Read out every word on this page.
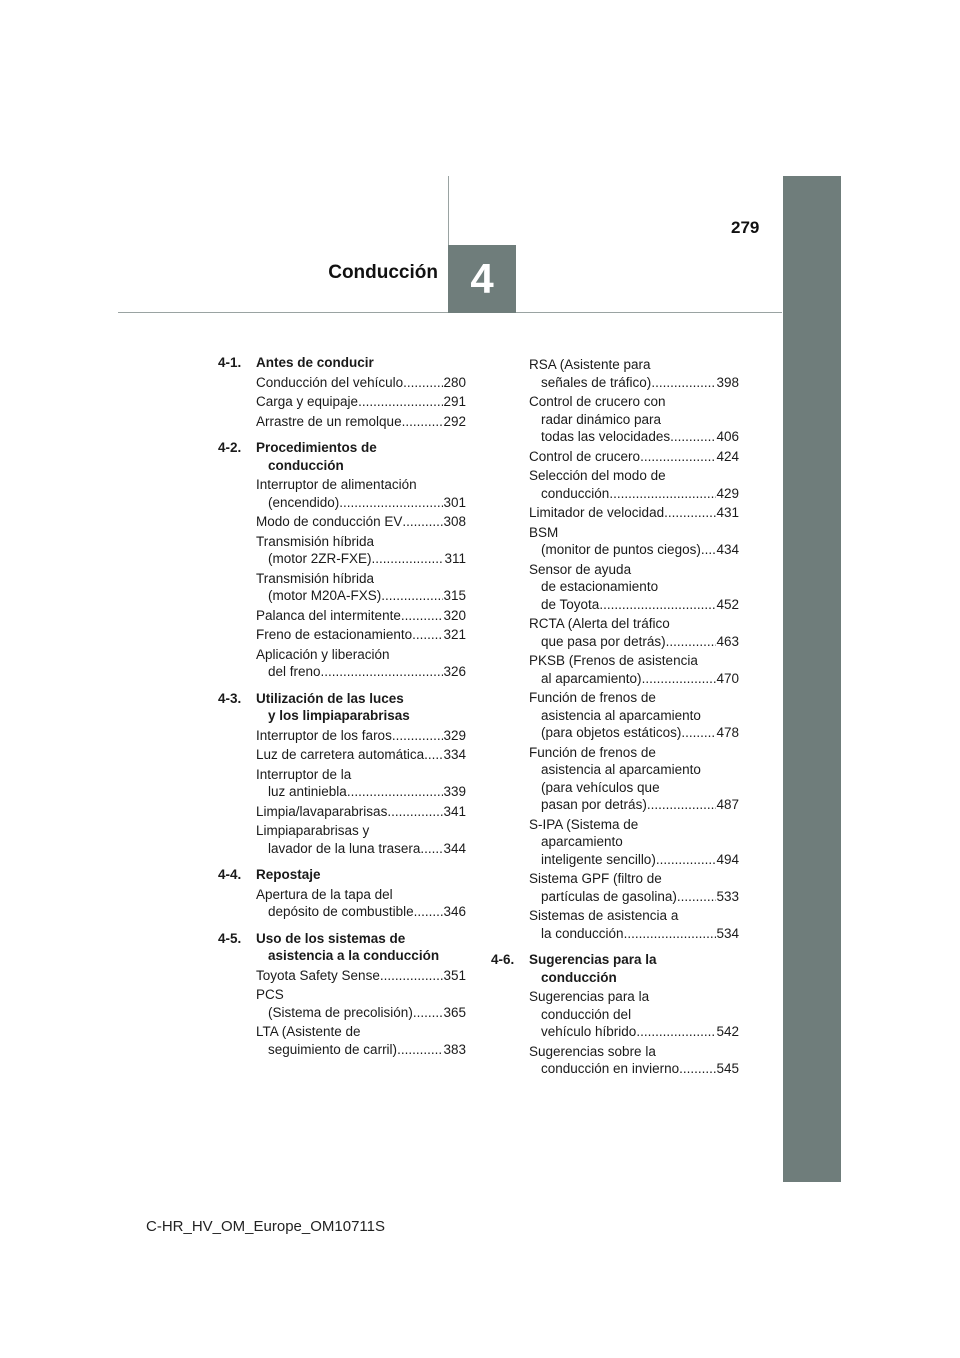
279
Conducción 4
4-1.	Antes de conducir
Conducción del vehículo .....	280
Carga y equipaje .....	291
Arrastre de un remolque .....	292
4-2.	Procedimientos de
conducción
Interruptor de alimentación
(encendido) .....	301
Modo de conducción EV .....	308
Transmisión híbrida
(motor 2ZR-FXE) .....	311
Transmisión híbrida
(motor M20A-FXS) .....	315
Palanca del intermitente .....	320
Freno de estacionamiento ..... 321
Aplicación y liberación
del freno .....	326
4-3.	Utilización de las luces
y los limpiaparabrisas
Interruptor de los faros .....	329
Luz de carretera automática ..... 334
Interruptor de la
luz antiniebla .....	339
Limpia/lavaparabrisas .....	341
Limpiaparabrisas y
lavador de la luna trasera ..... 344
4-4.	Repostaje
Apertura de la tapa del
depósito de combustible ..... 346
4-5.	Uso de los sistemas de
asistencia a la conducción
Toyota Safety Sense .....	351
PCS
(Sistema de precolisión) ..... 365
LTA (Asistente de
seguimiento de carril) .....	383
RSA (Asistente para
señales de tráfico) .....	398
Control de crucero con
radar dinámico para
todas las velocidades .....	406
Control de crucero .....	424
Selección del modo de
conducción .....	429
Limitador de velocidad .....	431
BSM
(monitor de puntos ciegos) ..... 434
Sensor de ayuda
de estacionamiento
de Toyota .....	452
RCTA (Alerta del tráfico
que pasa por detrás) .....	463
PKSB (Frenos de asistencia
al aparcamiento) .....	470
Función de frenos de
asistencia al aparcamiento
(para objetos estáticos) .....	478
Función de frenos de
asistencia al aparcamiento
(para vehículos que
pasan por detrás) .....	487
S-IPA (Sistema de
aparcamiento
inteligente sencillo) .....	494
Sistema GPF (filtro de
partículas de gasolina) .....	533
Sistemas de asistencia a
la conducción .....	534
4-6.	Sugerencias para la
conducción
Sugerencias para la
conducción del
vehículo híbrido .....	542
Sugerencias sobre la
conducción en invierno .....	545
C-HR_HV_OM_Europe_OM10711S
